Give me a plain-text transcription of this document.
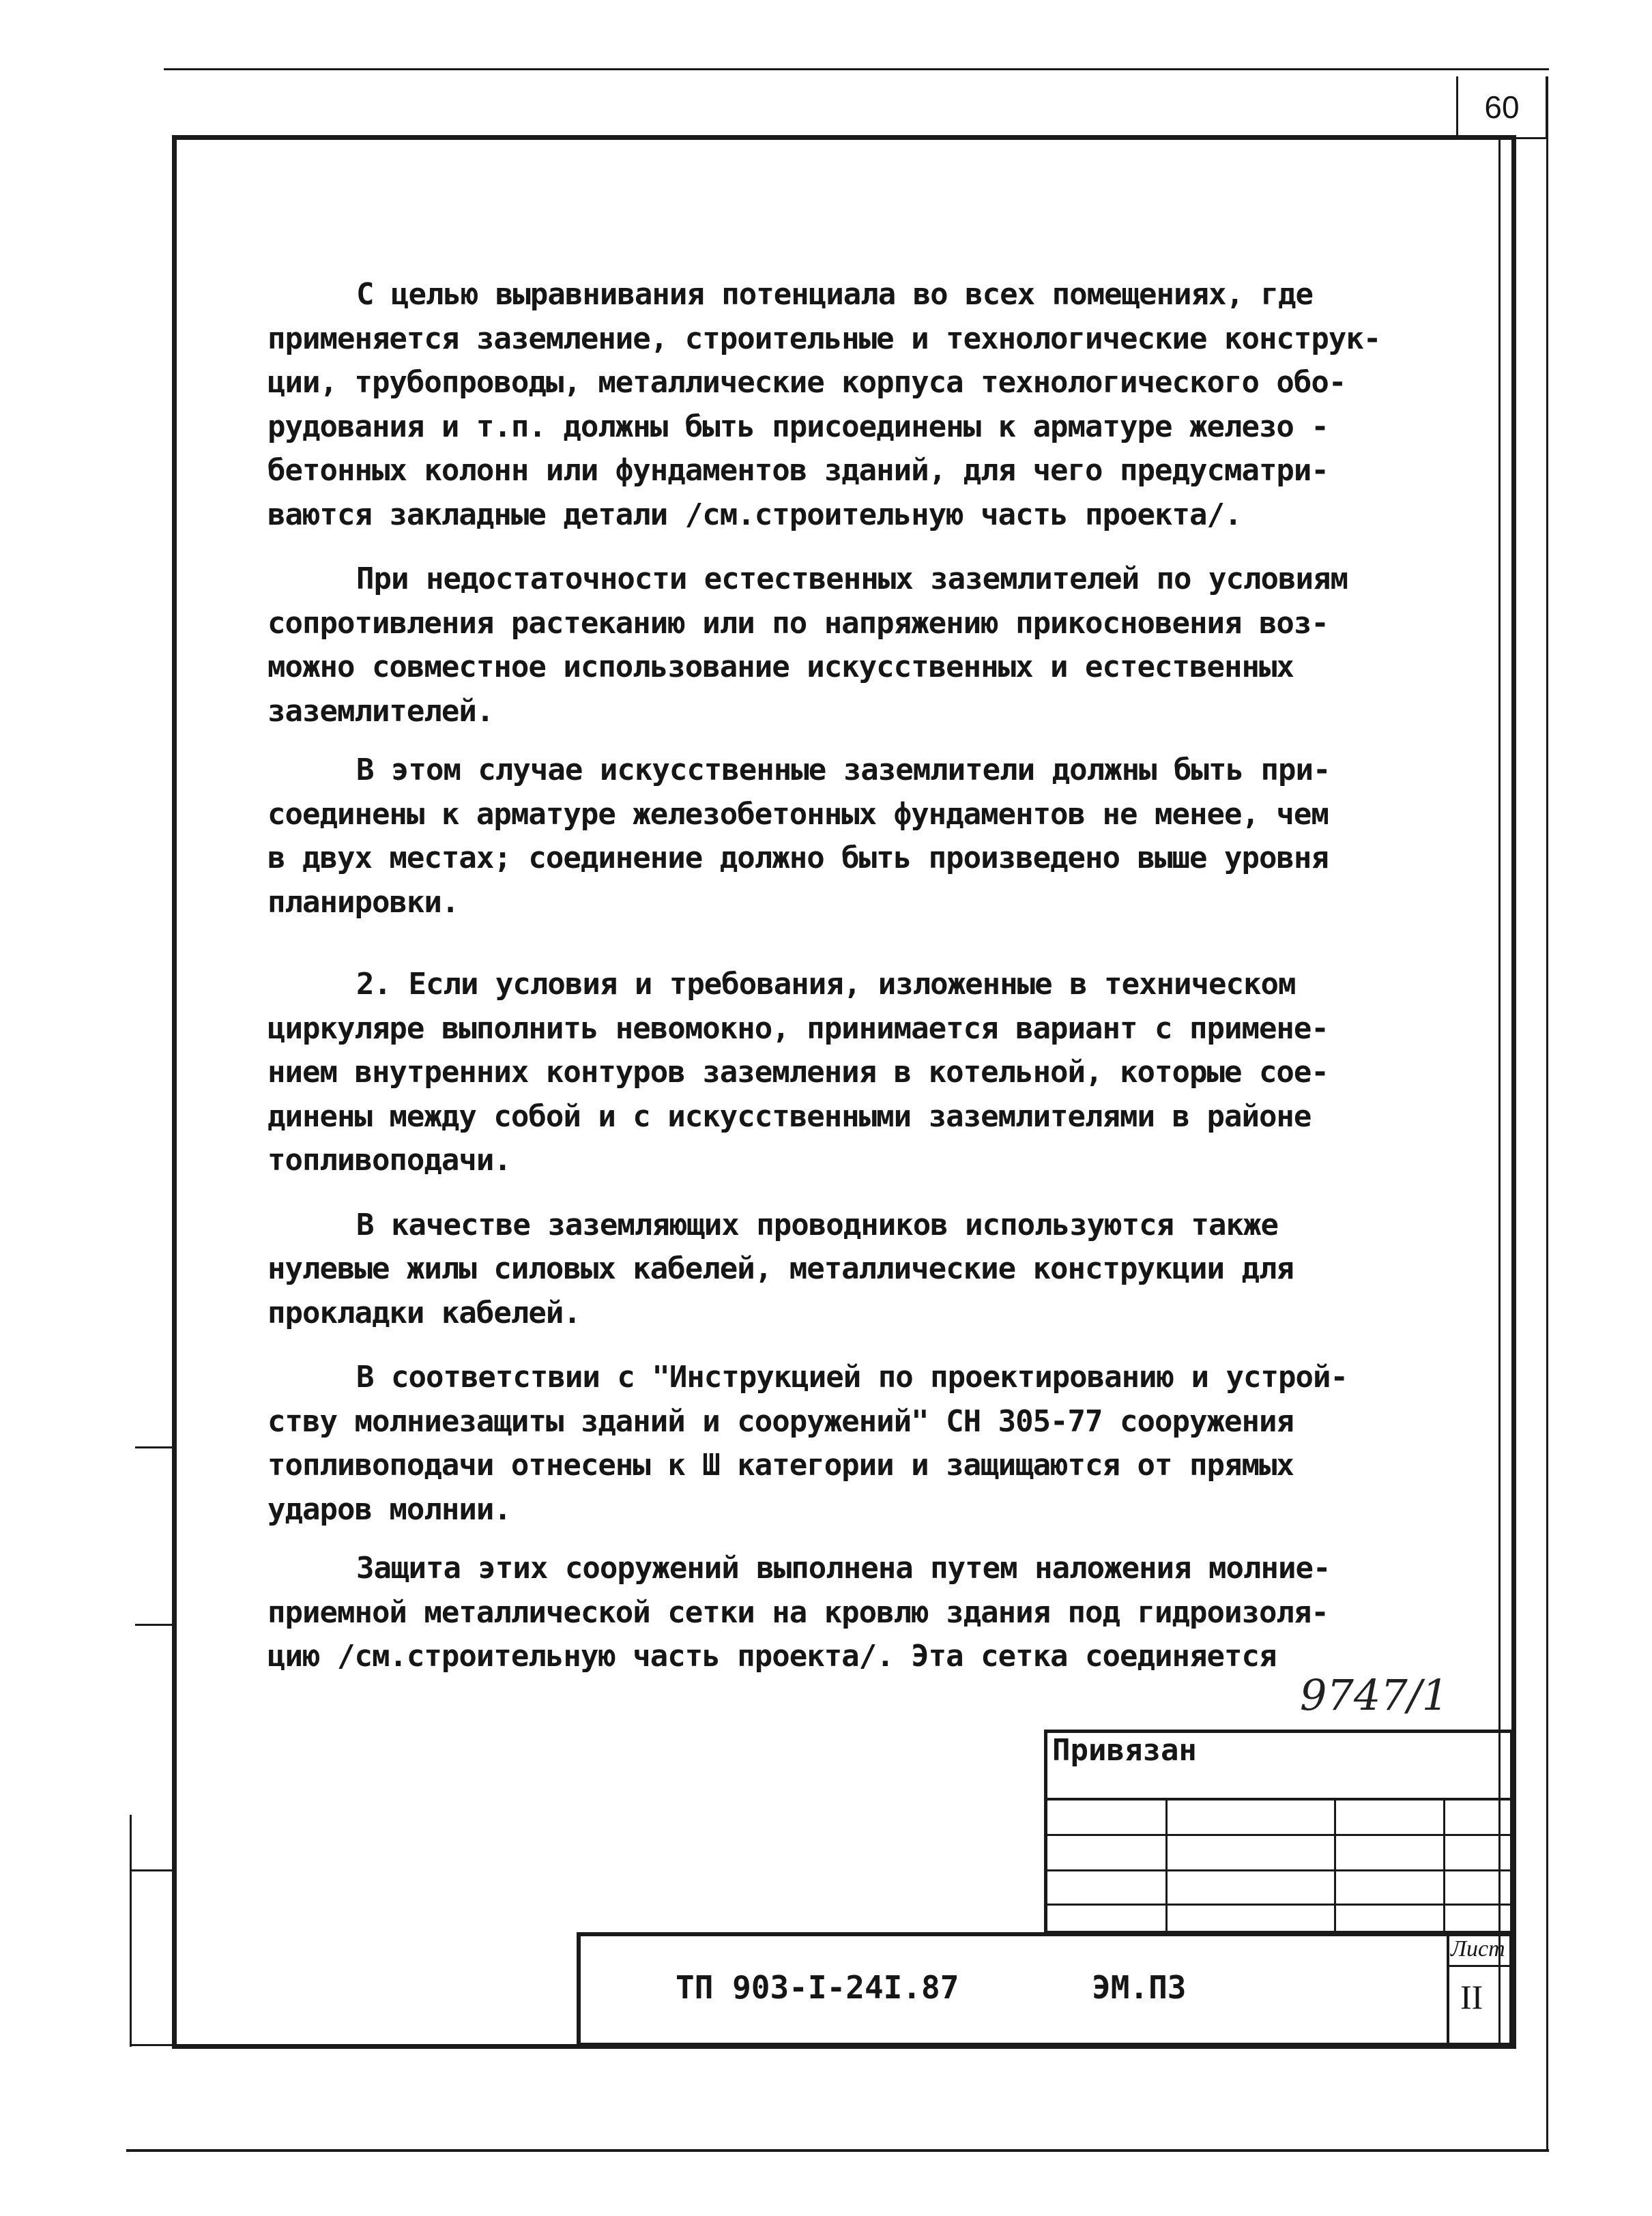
60

С целью выравнивания потенциала во всех помещениях, где

применяется заземление, строительные и технологические конструк-

ции, трубопроводы, металлические корпуса технологического обо-

рудования и т.п. должны быть присоединены к арматуре железо -

бетонных колонн или фундаментов зданий, для чего предусматри-

ваются закладные детали /см.строительную часть проекта/.

При недостаточности естественных заземлителей по условиям

сопротивления растеканию или по напряжению прикосновения воз-

можно совместное использование искусственных и естественных

заземлителей.

В этом случае искусственные заземлители должны быть при-

соединены к арматуре железобетонных фундаментов не менее, чем

в двух местах; соединение должно быть произведено выше уровня

планировки.

2. Если условия и требования, изложенные в техническом

циркуляре выполнить невомокно, принимается вариант с примене-

нием внутренних контуров заземления в котельной, которые сое-

динены между собой и с искусственными заземлителями в районе

топливоподачи.

В качестве заземляющих проводников используются также

нулевые жилы силовых кабелей, металлические конструкции для

прокладки кабелей.

В соответствии с "Инструкцией по проектированию и устрой-

ству молниезащиты зданий и сооружений" СН 305-77 сооружения

топливоподачи отнесены к Ш категории и защищаются от прямых

ударов молнии.

Защита этих сооружений выполнена путем наложения молние-

приемной металлической сетки на кровлю здания под гидроизоля-

цию /см.строительную часть проекта/. Эта сетка соединяется

9747/1
Привязан
ТП 903-I-24I.87	ЭМ.ПЗ
Лист
II
